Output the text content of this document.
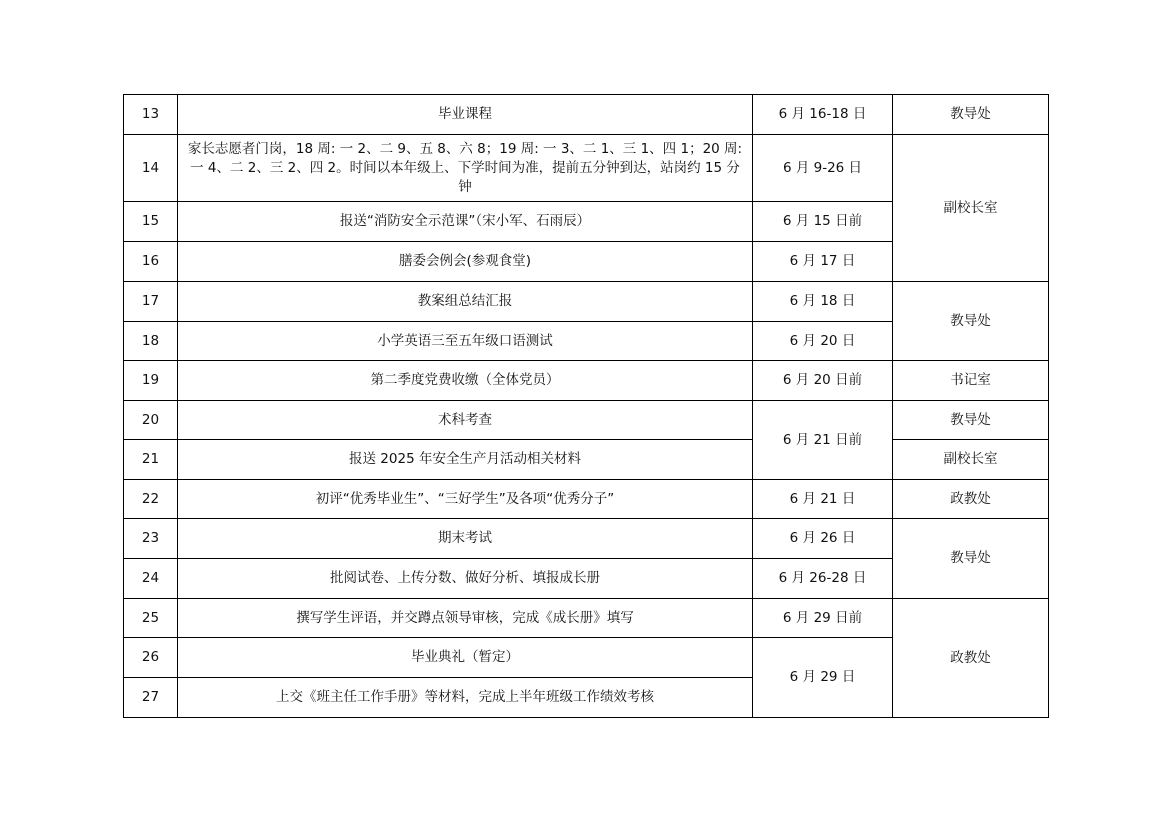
13	毕业课程	6 月 16-18 日	教导处
14	家长志愿者门岗，18 周: 一 2、二 9、五 8、六 8；19 周: 一 3、二 1、三 1、四 1；20 周: 一 4、二 2、三 2、四 2。时间以本年级上、下学时间为准，提前五分钟到达，站岗约 15 分钟	6 月 9-26 日	副校长室
15	报送“消防安全示范课”（宋小军、石雨辰）	6 月 15 日前	
16	膳委会例会(参观食堂)	6 月 17 日	
17	教案组总结汇报	6 月 18 日	教导处
18	小学英语三至五年级口语测试	6 月 20 日	
19	第二季度党费收缴（全体党员）	6 月 20 日前	书记室
20	术科考查	6 月 21 日前	教导处
21	报送 2025 年安全生产月活动相关材料		副校长室
22	初评“优秀毕业生”、“三好学生”及各项“优秀分子”	6 月 21 日	政教处
23	期末考试	6 月 26 日	教导处
24	批阅试卷、上传分数、做好分析、填报成长册	6 月 26-28 日	
25	撰写学生评语，并交蹲点领导审核，完成《成长册》填写	6 月 29 日前	政教处
26	毕业典礼（暂定）	6 月 29 日	
27	上交《班主任工作手册》等材料，完成上半年班级工作绩效考核		
